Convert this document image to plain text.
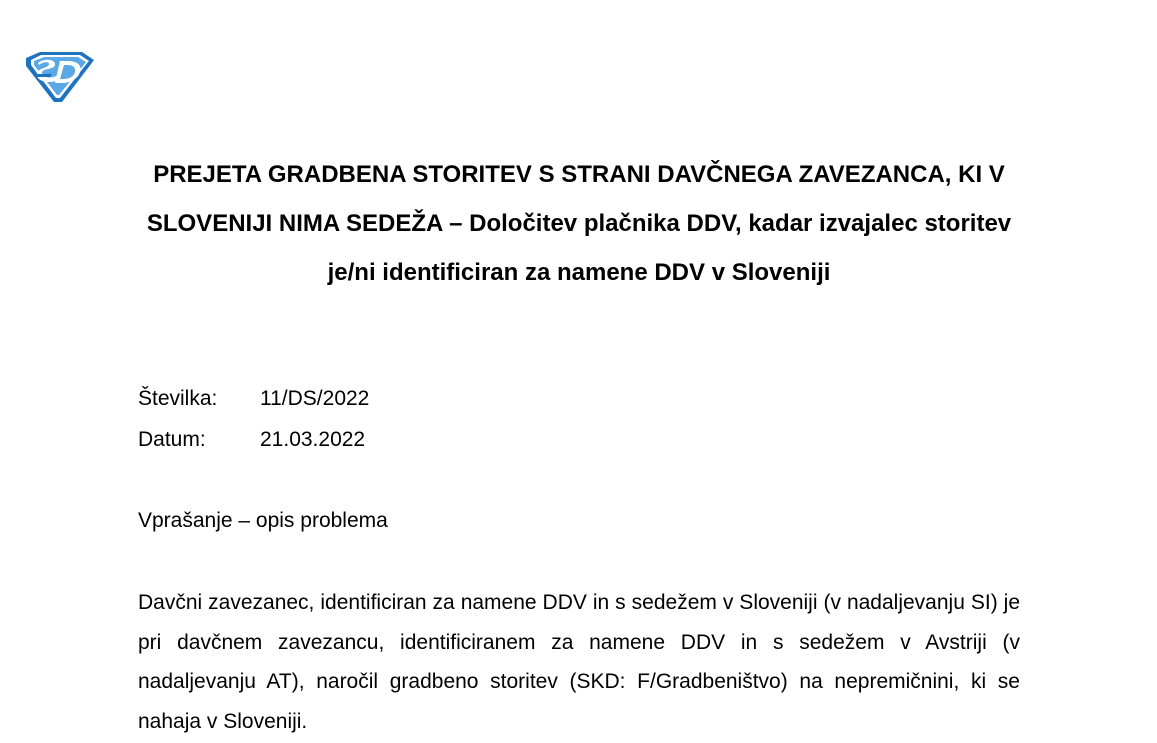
PREJETA GRADBENA STORITEV S STRANI DAVČNEGA ZAVEZANCA, KI V SLOVENIJI NIMA SEDEŽA – Določitev plačnika DDV, kadar izvajalec storitev je/ni identificiran za namene DDV v Sloveniji
Številka: 11/DS/2022
Datum:	21.03.2022

Vprašanje – opis problema

Davčni zavezanec, identificiran za namene DDV in s sedežem v Sloveniji (v nadaljevanju SI) je pri davčnem zavezancu, identificiranem za namene DDV in s sedežem v Avstriji (v nadaljevanju AT), naročil gradbeno storitev (SKD: F/Gradbeništvo) na nepremičnini, ki se nahaja v Sloveniji.
